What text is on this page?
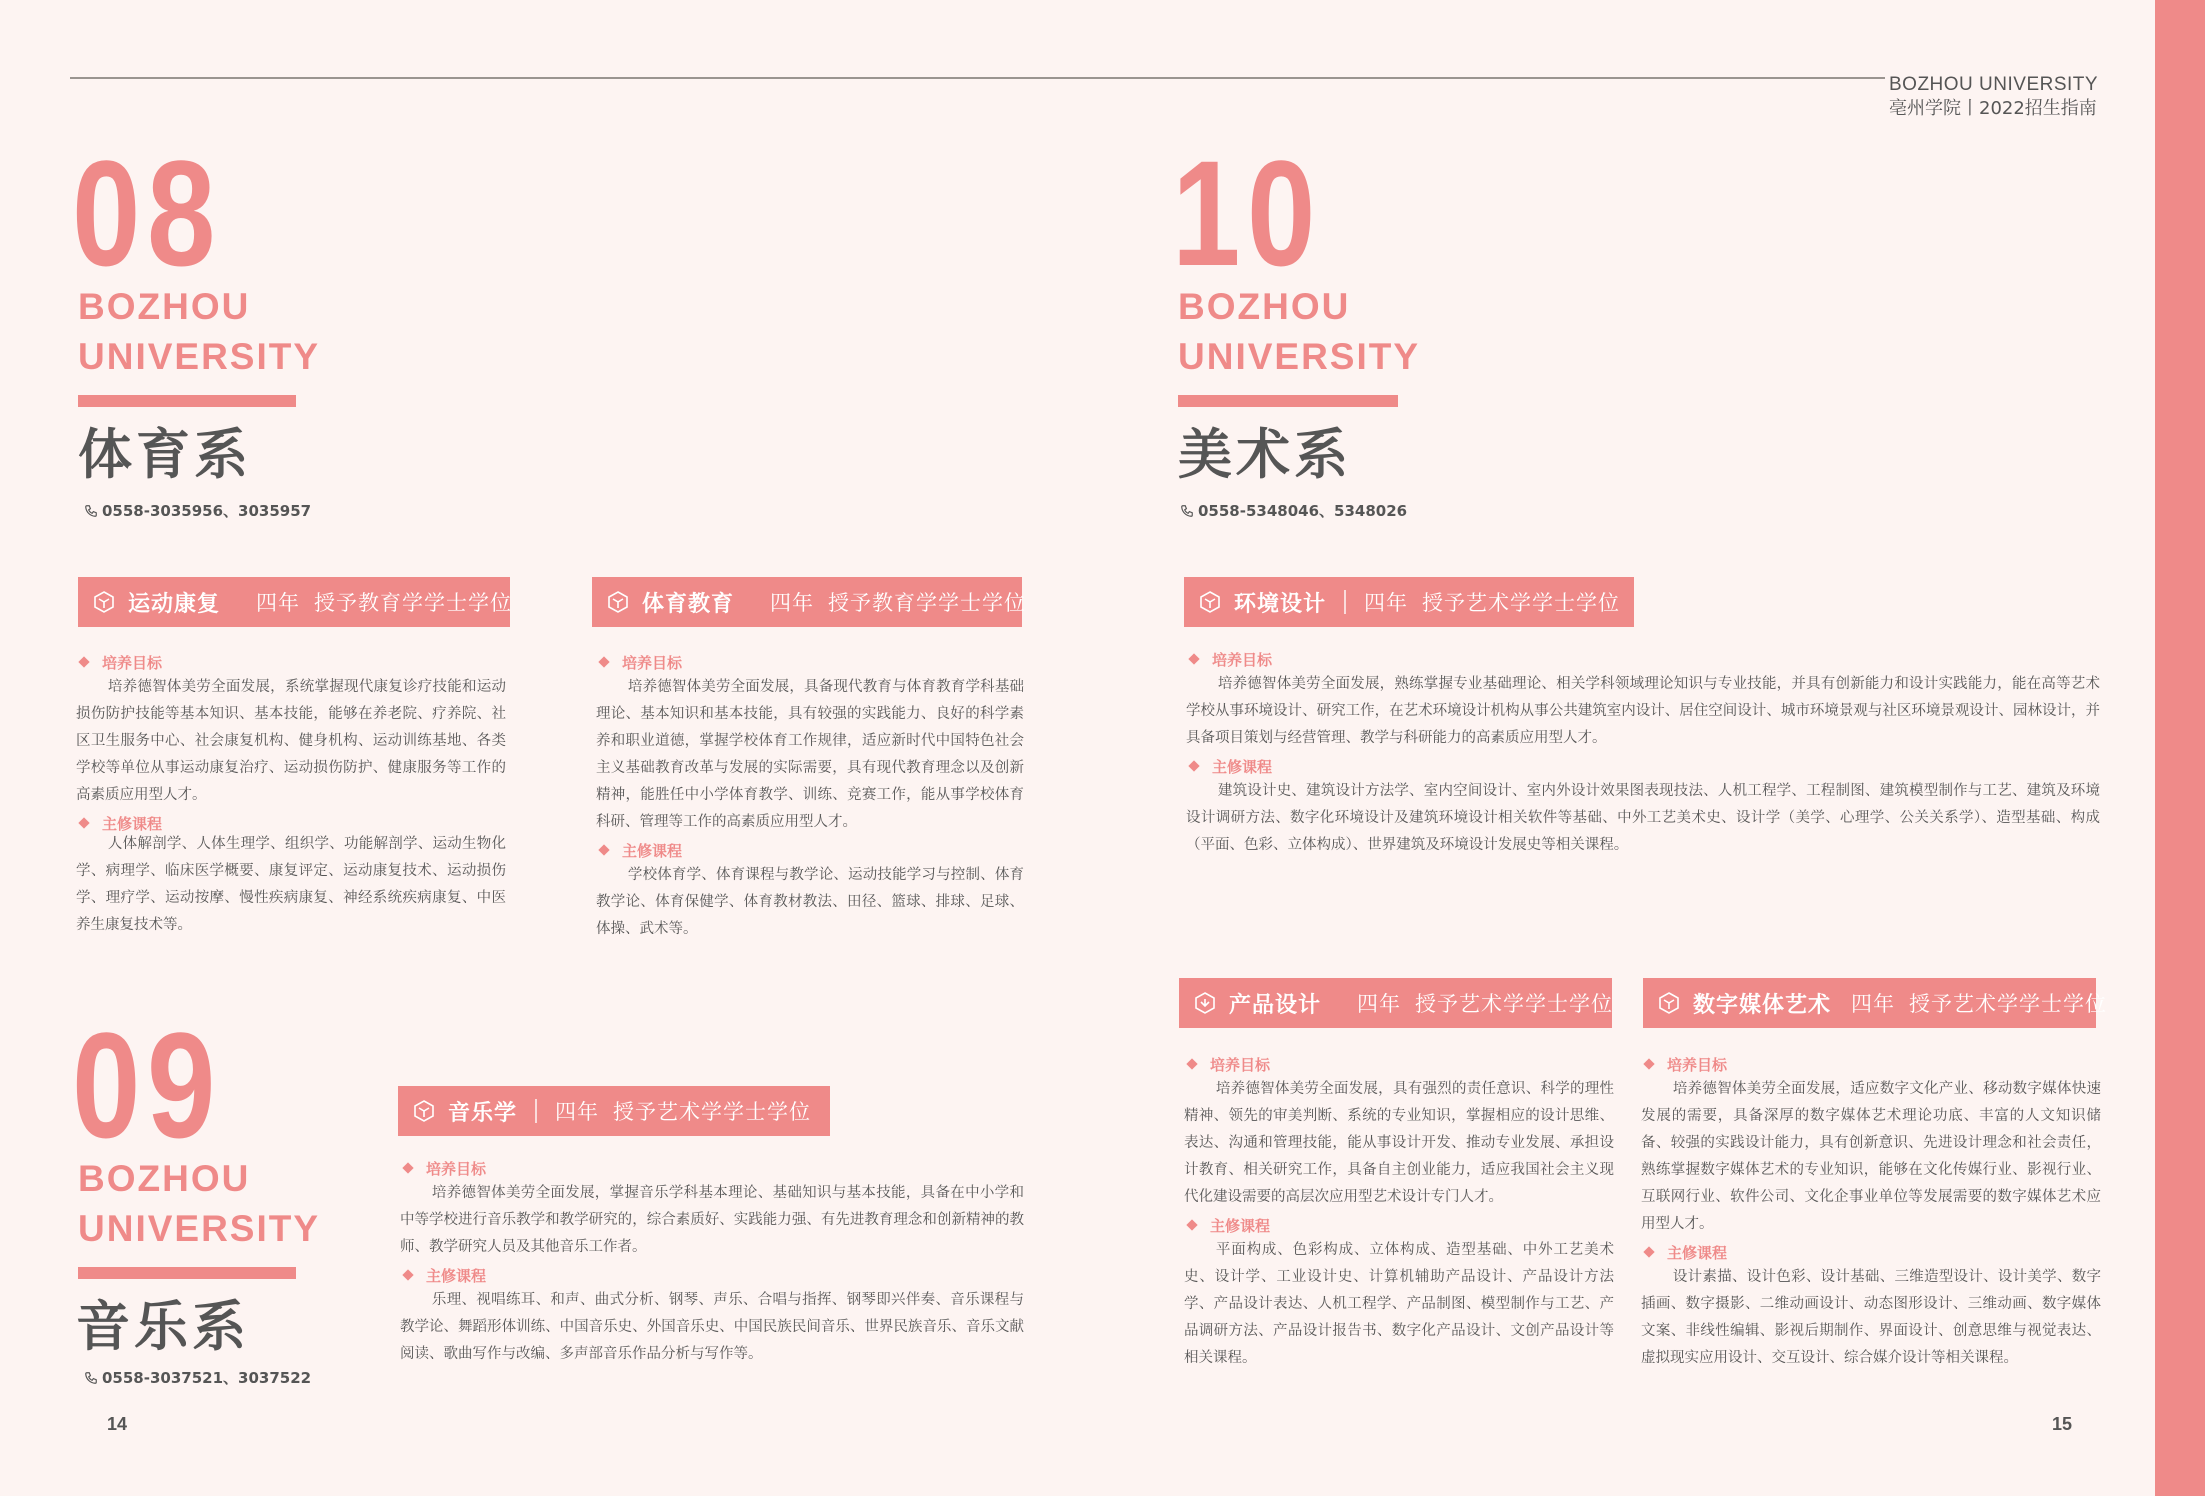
BOZHOU UNIVERSITY
亳州学院丨2022招生指南
08
BOZHOU
UNIVERSITY
体育系
0558-3035956、3035957
运动康复 四年 授予教育学学士学位
培养目标

培养德智体美劳全面发展，系统掌握现代康复诊疗技能和运动损伤防护技能等基本知识、基本技能，能够在养老院、疗养院、社区卫生服务中心、社会康复机构、健身机构、运动训练基地、各类学校等单位从事运动康复治疗、运动损伤防护、健康服务等工作的高素质应用型人才。

主修课程

人体解剖学、人体生理学、组织学、功能解剖学、运动生物化学、病理学、临床医学概要、康复评定、运动康复技术、运动损伤学、理疗学、运动按摩、慢性疾病康复、神经系统疾病康复、中医养生康复技术等。

体育教育 四年 授予教育学学士学位
培养目标

培养德智体美劳全面发展，具备现代教育与体育教育学科基础理论、基本知识和基本技能，具有较强的实践能力、良好的科学素养和职业道德，掌握学校体育工作规律，适应新时代中国特色社会主义基础教育改革与发展的实际需要，具有现代教育理念以及创新精神，能胜任中小学体育教学、训练、竞赛工作，能从事学校体育科研、管理等工作的高素质应用型人才。

主修课程

学校体育学、体育课程与教学论、运动技能学习与控制、体育教学论、体育保健学、体育教材教法、田径、篮球、排球、足球、体操、武术等。

09
BOZHOU
UNIVERSITY
音乐系
0558-3037521、3037522
音乐学 四年 授予艺术学学士学位
培养目标

培养德智体美劳全面发展，掌握音乐学科基本理论、基础知识与基本技能，具备在中小学和中等学校进行音乐教学和教学研究的，综合素质好、实践能力强、有先进教育理念和创新精神的教师、教学研究人员及其他音乐工作者。

主修课程

乐理、视唱练耳、和声、曲式分析、钢琴、声乐、合唱与指挥、钢琴即兴伴奏、音乐课程与教学论、舞蹈形体训练、中国音乐史、外国音乐史、中国民族民间音乐、世界民族音乐、音乐文献阅读、歌曲写作与改编、多声部音乐作品分析与写作等。

10
BOZHOU
UNIVERSITY
美术系
0558-5348046、5348026
环境设计 四年 授予艺术学学士学位
培养目标

培养德智体美劳全面发展，熟练掌握专业基础理论、相关学科领域理论知识与专业技能，并具有创新能力和设计实践能力，能在高等艺术学校从事环境设计、研究工作，在艺术环境设计机构从事公共建筑室内设计、居住空间设计、城市环境景观与社区环境景观设计、园林设计，并具备项目策划与经营管理、教学与科研能力的高素质应用型人才。

主修课程

建筑设计史、建筑设计方法学、室内空间设计、室内外设计效果图表现技法、人机工程学、工程制图、建筑模型制作与工艺、建筑及环境设计调研方法、数字化环境设计及建筑环境设计相关软件等基础、中外工艺美术史、设计学（美学、心理学、公关关系学）、造型基础、构成（平面、色彩、立体构成）、世界建筑及环境设计发展史等相关课程。

产品设计 四年 授予艺术学学士学位
培养目标

培养德智体美劳全面发展，具有强烈的责任意识、科学的理性精神、领先的审美判断、系统的专业知识，掌握相应的设计思维、表达、沟通和管理技能，能从事设计开发、推动专业发展、承担设计教育、相关研究工作，具备自主创业能力，适应我国社会主义现代化建设需要的高层次应用型艺术设计专门人才。

主修课程

平面构成、色彩构成、立体构成、造型基础、中外工艺美术史、设计学、工业设计史、计算机辅助产品设计、产品设计方法学、产品设计表达、人机工程学、产品制图、模型制作与工艺、产品调研方法、产品设计报告书、数字化产品设计、文创产品设计等相关课程。

数字媒体艺术 四年 授予艺术学学士学位
培养目标

培养德智体美劳全面发展，适应数字文化产业、移动数字媒体快速发展的需要，具备深厚的数字媒体艺术理论功底、丰富的人文知识储备、较强的实践设计能力，具有创新意识、先进设计理念和社会责任，熟练掌握数字媒体艺术的专业知识，能够在文化传媒行业、影视行业、互联网行业、软件公司、文化企事业单位等发展需要的数字媒体艺术应用型人才。

主修课程

设计素描、设计色彩、设计基础、三维造型设计、设计美学、数字插画、数字摄影、二维动画设计、动态图形设计、三维动画、数字媒体文案、非线性编辑、影视后期制作、界面设计、创意思维与视觉表达、虚拟现实应用设计、交互设计、综合媒介设计等相关课程。

14	15
